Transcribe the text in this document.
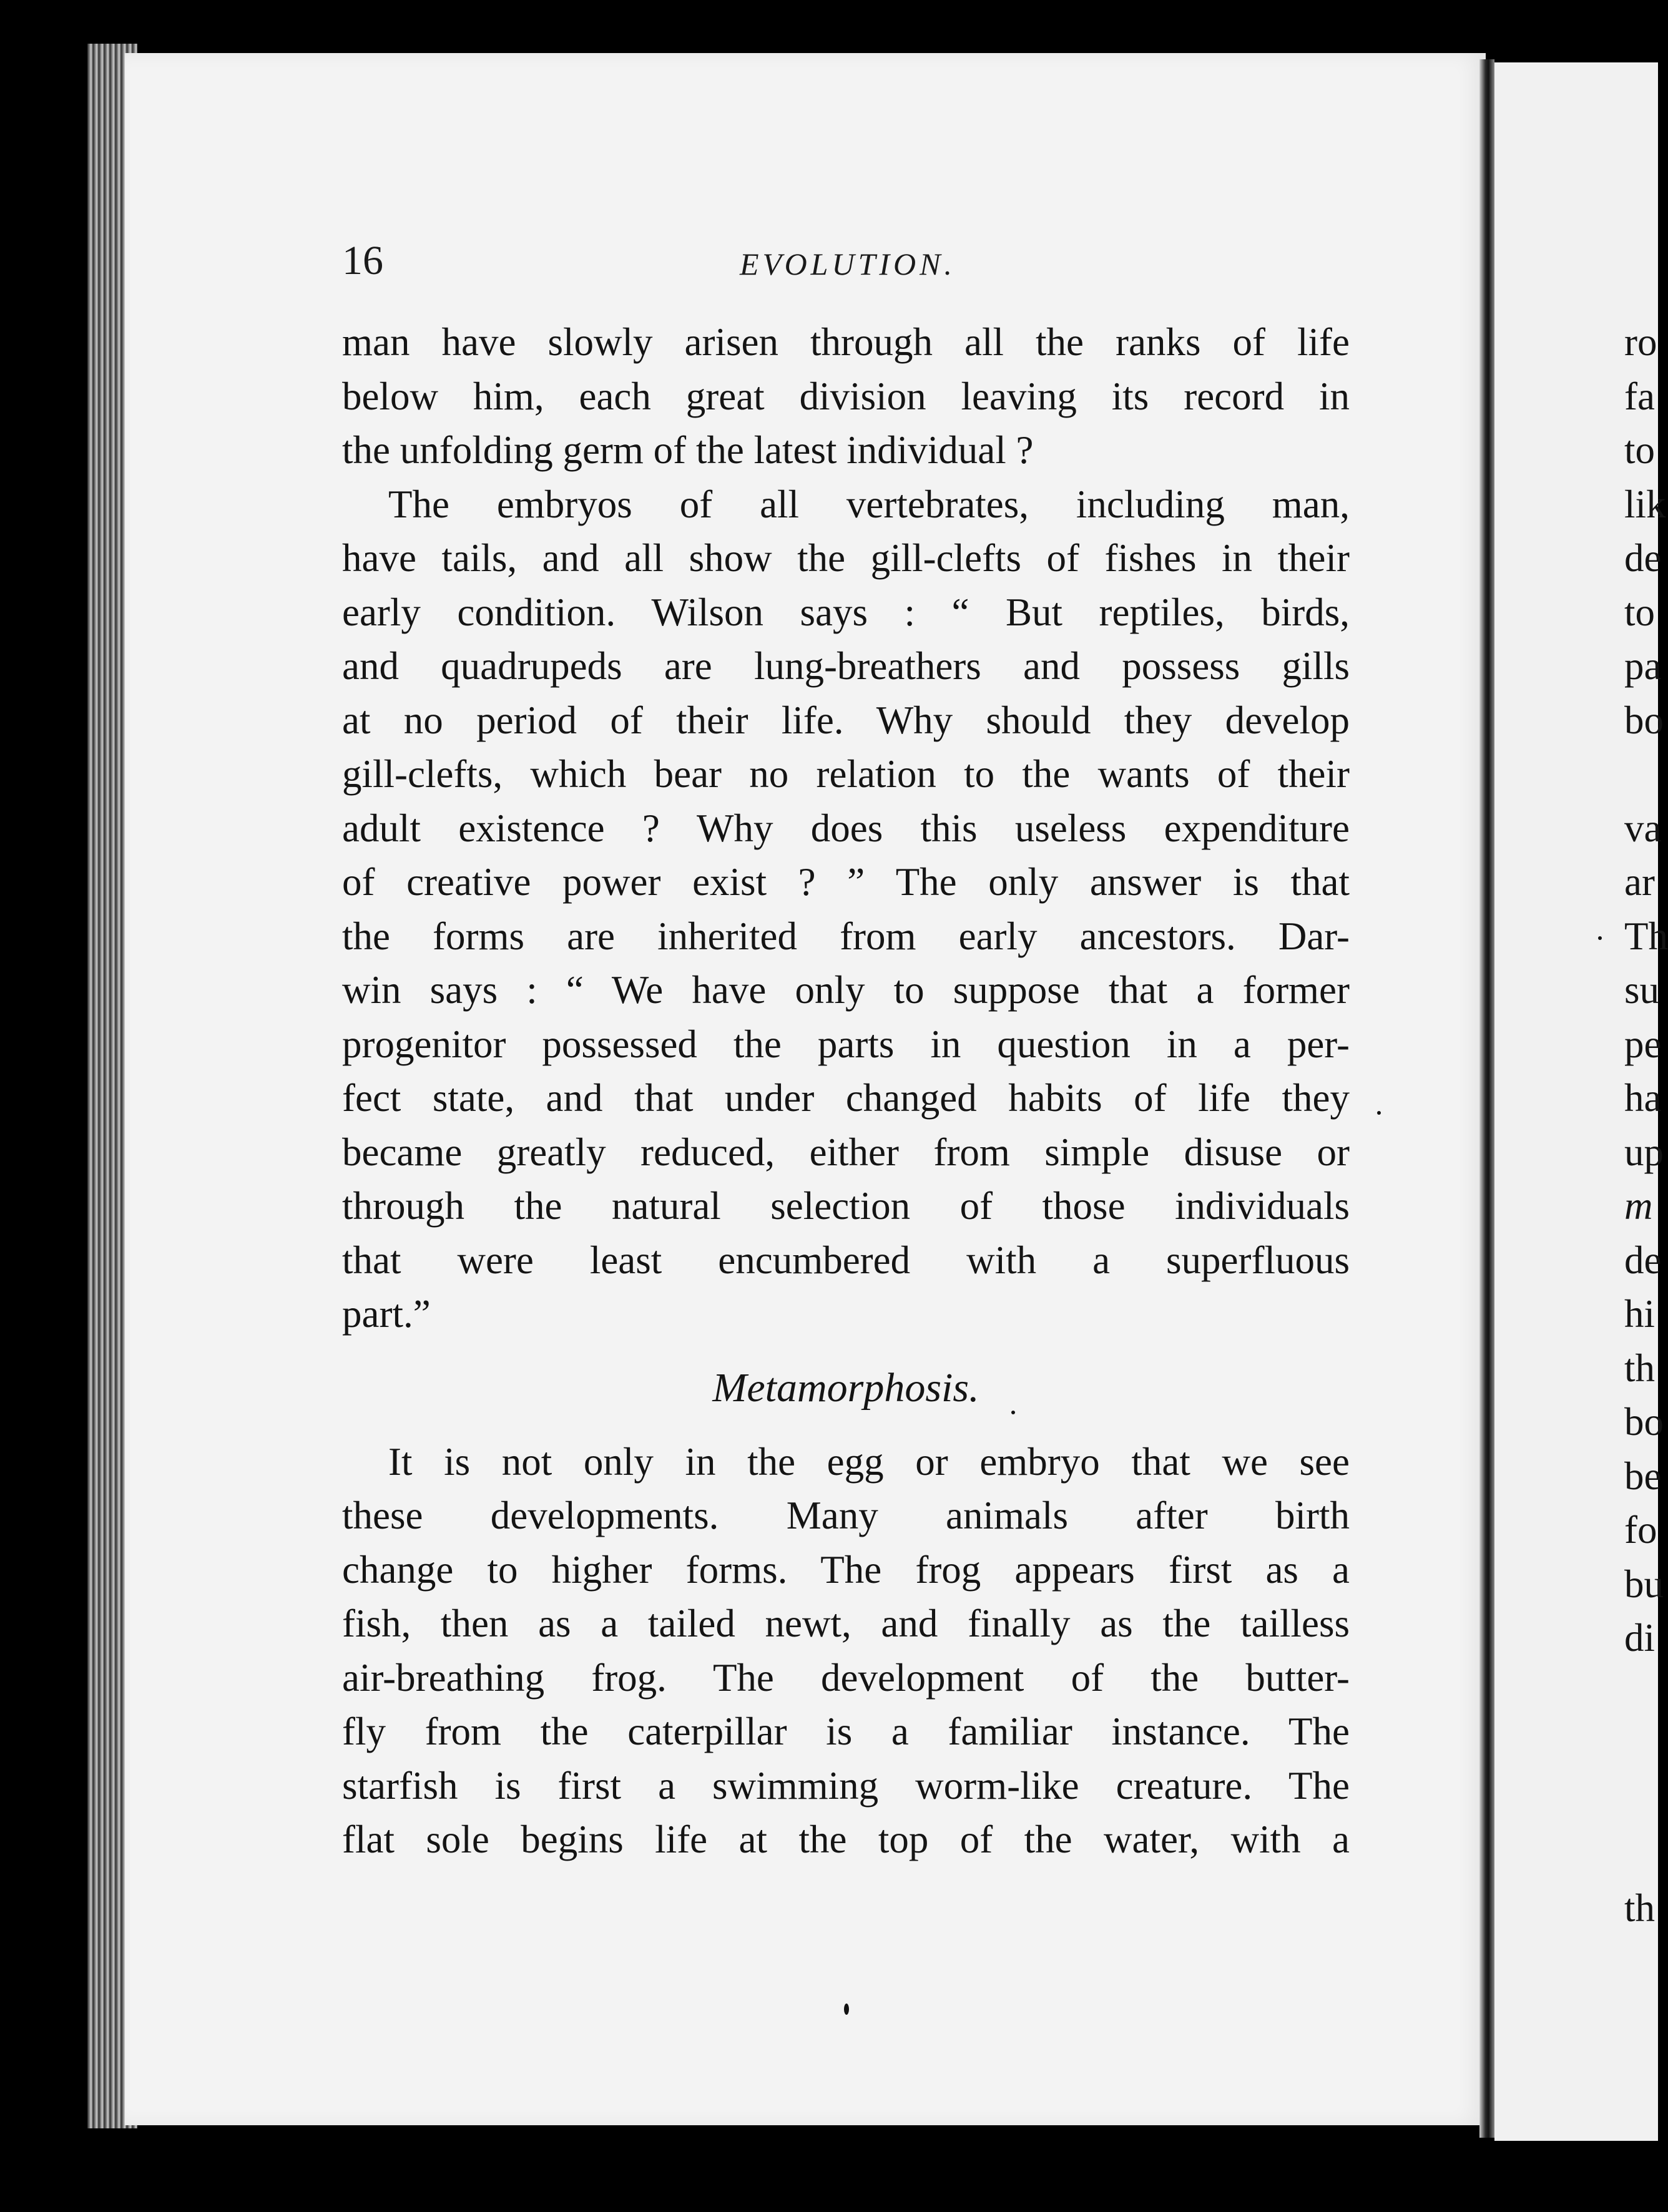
16	EVOLUTION.
man have slowly arisen through all the ranks of life
below him, each great division leaving its record in
the unfolding germ of the latest individual ?
The embryos of all vertebrates, including man,
have tails, and all show the gill-clefts of fishes in their
early condition. Wilson says : “ But reptiles, birds,
and quadrupeds are lung-breathers and possess gills
at no period of their life. Why should they develop
gill-clefts, which bear no relation to the wants of their
adult existence ? Why does this useless expenditure
of creative power exist ? ” The only answer is that
the forms are inherited from early ancestors. Dar-
win says : “ We have only to suppose that a former
progenitor possessed the parts in question in a per-
fect state, and that under changed habits of life they
became greatly reduced, either from simple disuse or
through the natural selection of those individuals
that were least encumbered with a superfluous
part.”
Metamorphosis.
It is not only in the egg or embryo that we see
these developments. Many animals after birth
change to higher forms. The frog appears first as a
fish, then as a tailed newt, and finally as the tailless
air-breathing frog. The development of the butter-
fly from the caterpillar is a familiar instance. The
starfish is first a swimming worm-like creature. The
flat sole begins life at the top of the water, with a
ro
fa
to
lik
de
to
pa
bo
va
ar
Th
su
pe
ha
up
m
de
hi
th
bo
be
fo
bu
di
th
